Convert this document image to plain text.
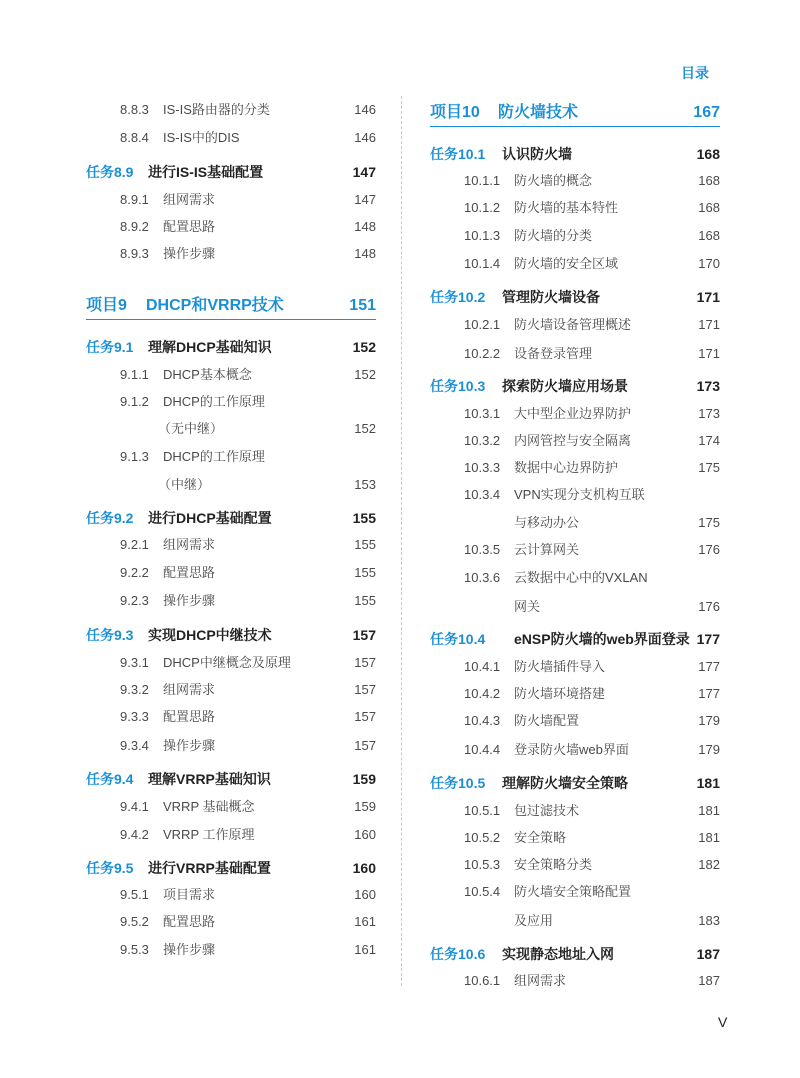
目录
V
8.8.3 IS-IS路由器的分类	146
8.8.4 IS-IS中的DIS	146
任务8.9 进行IS-IS基础配置	147
8.9.1 组网需求	147
8.9.2 配置思路	148
8.9.3 操作步骤	148
项目9 DHCP和VRRP技术	151
任务9.1 理解DHCP基础知识	152
9.1.1 DHCP基本概念	152
9.1.2 DHCP的工作原理
（无中继）	152
9.1.3 DHCP的工作原理
（中继）	153
任务9.2 进行DHCP基础配置	155
9.2.1 组网需求	155
9.2.2 配置思路	155
9.2.3 操作步骤	155
任务9.3 实现DHCP中继技术	157
9.3.1 DHCP中继概念及原理	157
9.3.2 组网需求	157
9.3.3 配置思路	157
9.3.4 操作步骤	157
任务9.4 理解VRRP基础知识	159
9.4.1 VRRP 基础概念	159
9.4.2 VRRP 工作原理	160
任务9.5 进行VRRP基础配置	160
9.5.1 项目需求	160
9.5.2 配置思路	161
9.5.3 操作步骤	161
项目10 防火墙技术	167
任务10.1 认识防火墙	168
10.1.1 防火墙的概念	168
10.1.2 防火墙的基本特性	168
10.1.3 防火墙的分类	168
10.1.4 防火墙的安全区域	170
任务10.2 管理防火墙设备	171
10.2.1 防火墙设备管理概述	171
10.2.2 设备登录管理	171
任务10.3 探索防火墙应用场景	173
10.3.1 大中型企业边界防护	173
10.3.2 内网管控与安全隔离	174
10.3.3 数据中心边界防护	175
10.3.4 VPN实现分支机构互联
与移动办公	175
10.3.5 云计算网关	176
10.3.6 云数据中心中的VXLAN
网关	176
任务10.4 eNSP防火墙的web界面登录 177
10.4.1 防火墙插件导入	177
10.4.2 防火墙环境搭建	177
10.4.3 防火墙配置	179
10.4.4 登录防火墙web界面	179
任务10.5 理解防火墙安全策略	181
10.5.1 包过滤技术	181
10.5.2 安全策略	181
10.5.3 安全策略分类	182
10.5.4 防火墙安全策略配置
及应用	183
任务10.6 实现静态地址入网	187
10.6.1 组网需求	187
